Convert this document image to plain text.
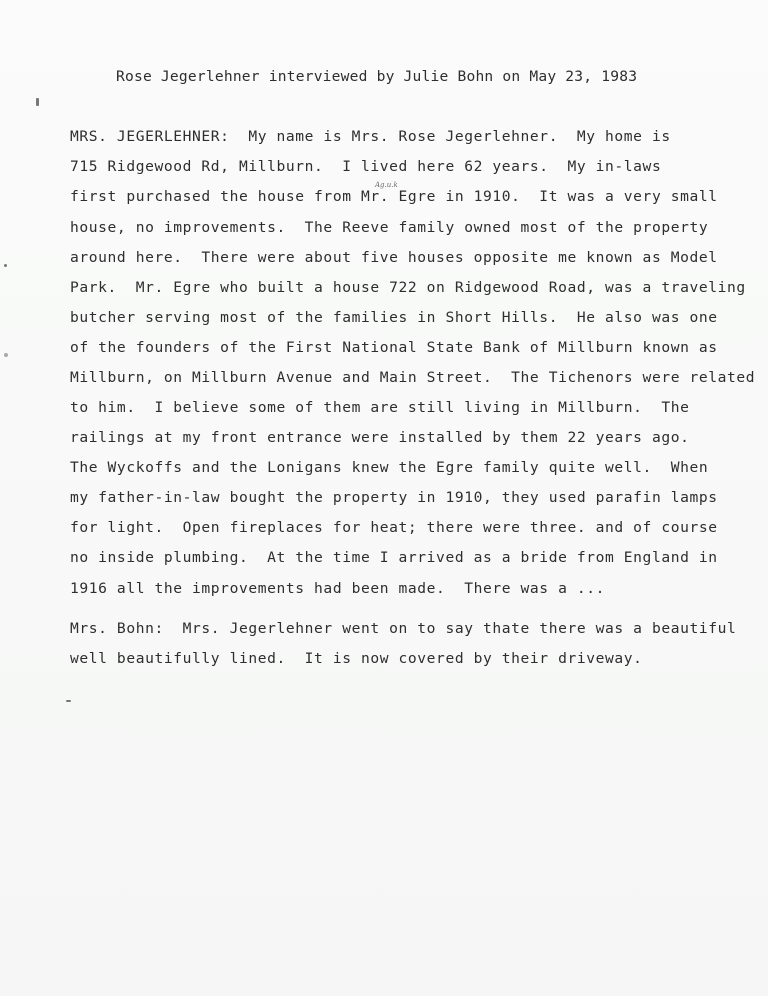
Rose Jegerlehner interviewed by Julie Bohn on May 23, 1983
Ag.u.k
MRS. JEGERLEHNER:  My name is Mrs. Rose Jegerlehner.  My home is
715 Ridgewood Rd, Millburn.  I lived here 62 years.  My in-laws
first purchased the house from Mr. Egre in 1910.  It was a very small
house, no improvements.  The Reeve family owned most of the property
around here.  There were about five houses opposite me known as Model
Park.  Mr. Egre who built a house 722 on Ridgewood Road, was a traveling
butcher serving most of the families in Short Hills.  He also was one
of the founders of the First National State Bank of Millburn known as
Millburn, on Millburn Avenue and Main Street.  The Tichenors were related
to him.  I believe some of them are still living in Millburn.  The
railings at my front entrance were installed by them 22 years ago.
The Wyckoffs and the Lonigans knew the Egre family quite well.  When
my father-in-law bought the property in 1910, they used parafin lamps
for light.  Open fireplaces for heat; there were three. and of course
no inside plumbing.  At the time I arrived as a bride from England in
1916 all the improvements had been made.  There was a ...
Mrs. Bohn:  Mrs. Jegerlehner went on to say thate there was a beautiful
well beautifully lined.  It is now covered by their driveway.
